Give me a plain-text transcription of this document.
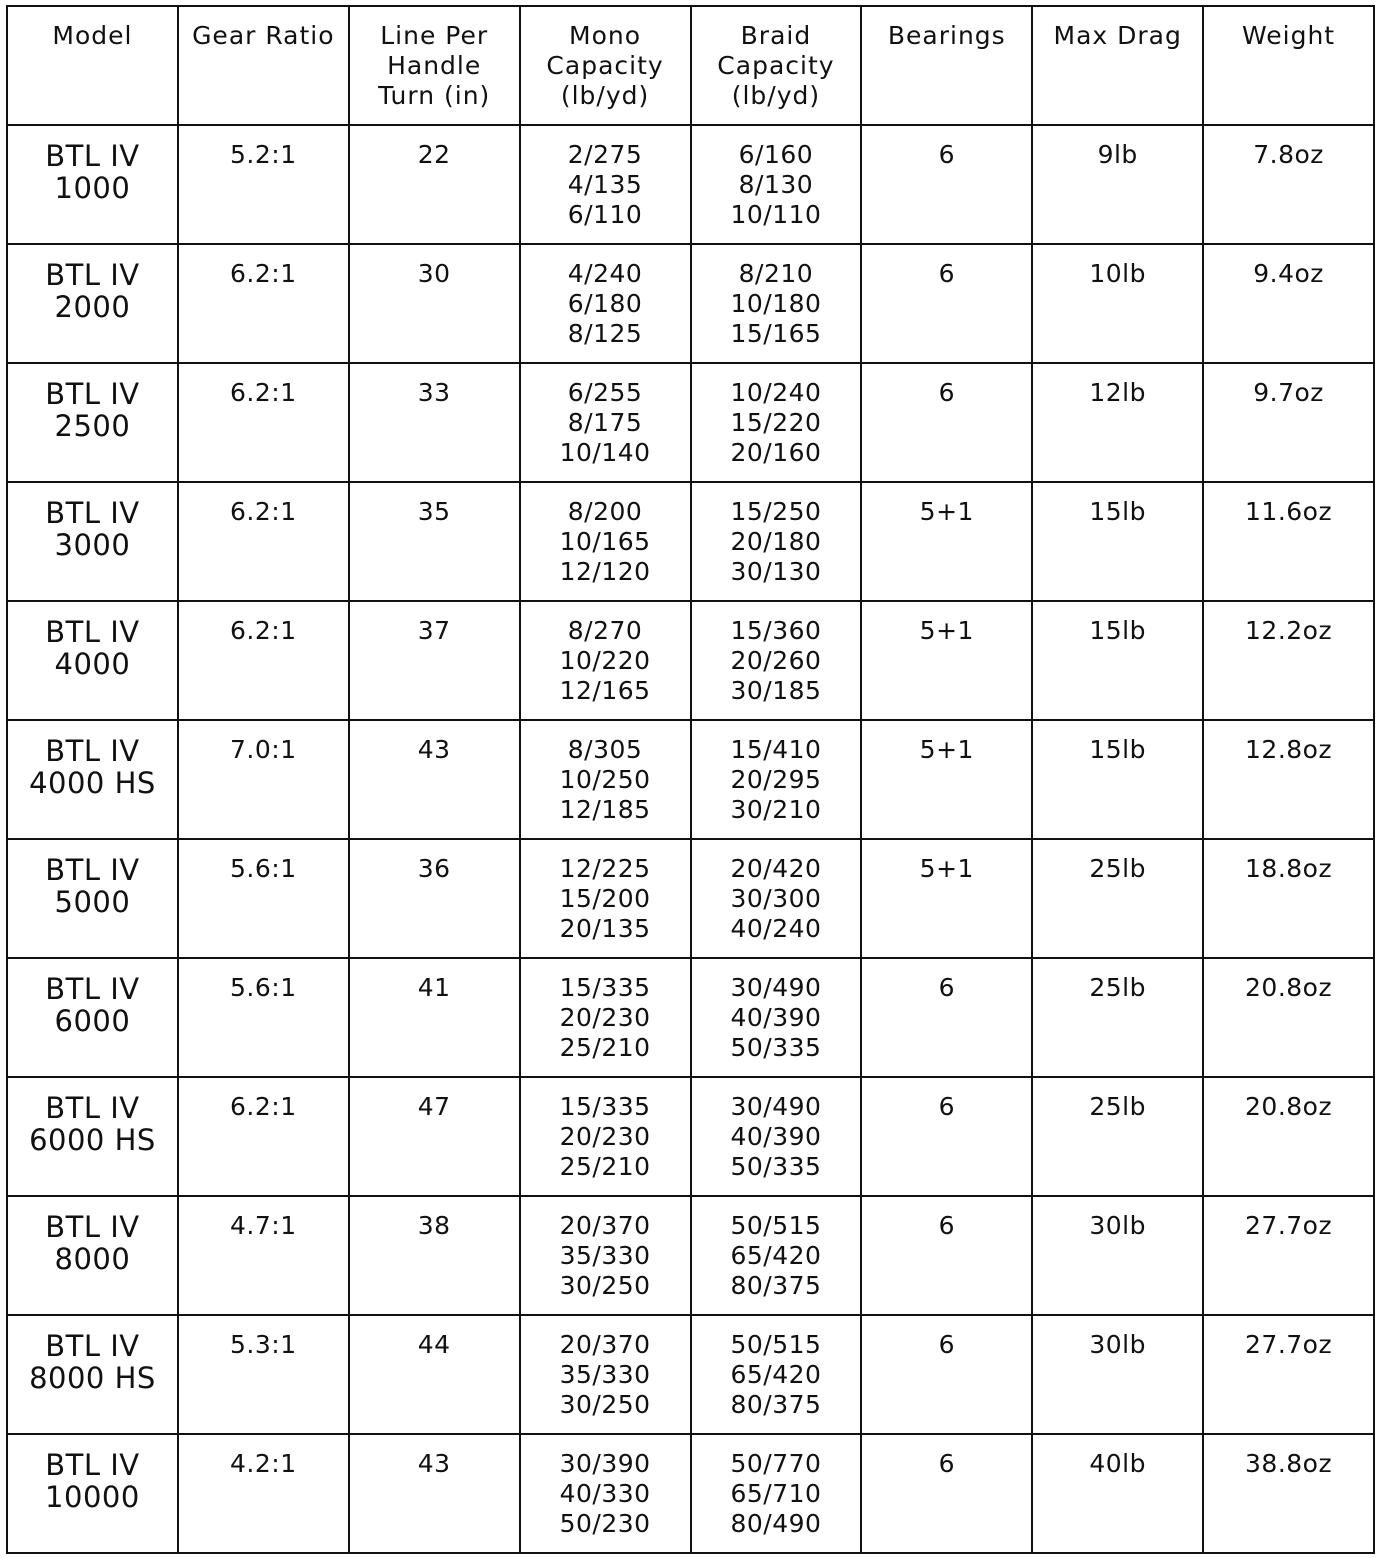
Model	Gear Ratio	Line Per
Handle
Turn (in)	Mono
Capacity
(lb/yd)	Braid
Capacity
(lb/yd)	Bearings	Max Drag	Weight
BTL IV
1000	5.2:1	22	2/275
4/135
6/110	6/160
8/130
10/110	6	9lb	7.8oz
BTL IV
2000	6.2:1	30	4/240
6/180
8/125	8/210
10/180
15/165	6	10lb	9.4oz
BTL IV
2500	6.2:1	33	6/255
8/175
10/140	10/240
15/220
20/160	6	12lb	9.7oz
BTL IV
3000	6.2:1	35	8/200
10/165
12/120	15/250
20/180
30/130	5+1	15lb	11.6oz
BTL IV
4000	6.2:1	37	8/270
10/220
12/165	15/360
20/260
30/185	5+1	15lb	12.2oz
BTL IV
4000 HS	7.0:1	43	8/305
10/250
12/185	15/410
20/295
30/210	5+1	15lb	12.8oz
BTL IV
5000	5.6:1	36	12/225
15/200
20/135	20/420
30/300
40/240	5+1	25lb	18.8oz
BTL IV
6000	5.6:1	41	15/335
20/230
25/210	30/490
40/390
50/335	6	25lb	20.8oz
BTL IV
6000 HS	6.2:1	47	15/335
20/230
25/210	30/490
40/390
50/335	6	25lb	20.8oz
BTL IV
8000	4.7:1	38	20/370
35/330
30/250	50/515
65/420
80/375	6	30lb	27.7oz
BTL IV
8000 HS	5.3:1	44	20/370
35/330
30/250	50/515
65/420
80/375	6	30lb	27.7oz
BTL IV
10000	4.2:1	43	30/390
40/330
50/230	50/770
65/710
80/490	6	40lb	38.8oz
